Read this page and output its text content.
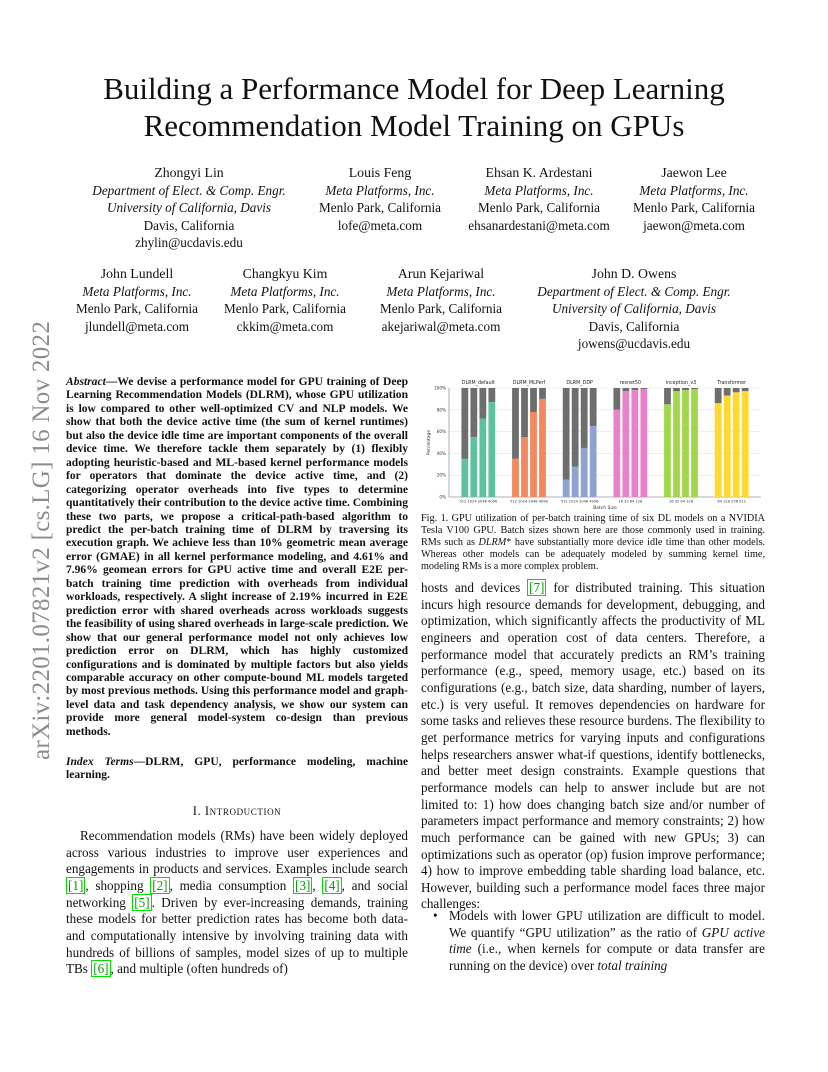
arXiv:2201.07821v2 [cs.LG] 16 Nov 2022
Building a Performance Model for Deep Learning
Recommendation Model Training on GPUs
Zhongyi Lin
Department of Elect. & Comp. Engr.
University of California, Davis
Davis, California
zhylin@ucdavis.edu
Louis Feng
Meta Platforms, Inc.
Menlo Park, California
lofe@meta.com
Ehsan K. Ardestani
Meta Platforms, Inc.
Menlo Park, California
ehsanardestani@meta.com
Jaewon Lee
Meta Platforms, Inc.
Menlo Park, California
jaewon@meta.com
John Lundell
Meta Platforms, Inc.
Menlo Park, California
jlundell@meta.com
Changkyu Kim
Meta Platforms, Inc.
Menlo Park, California
ckkim@meta.com
Arun Kejariwal
Meta Platforms, Inc.
Menlo Park, California
akejariwal@meta.com
John D. Owens
Department of Elect. & Comp. Engr.
University of California, Davis
Davis, California
jowens@ucdavis.edu
Abstract—We devise a performance model for GPU training of Deep Learning Recommendation Models (DLRM), whose GPU utilization is low compared to other well-optimized CV and NLP models. We show that both the device active time (the sum of kernel runtimes) but also the device idle time are important components of the overall device time. We therefore tackle them separately by (1) flexibly adopting heuristic-based and ML-based kernel performance models for operators that dominate the device active time, and (2) categorizing operator overheads into five types to determine quantitatively their contribution to the device active time. Combining these two parts, we propose a critical-path-based algorithm to predict the per-batch training time of DLRM by traversing its execution graph. We achieve less than 10% geometric mean average error (GMAE) in all kernel performance modeling, and 4.61% and 7.96% geomean errors for GPU active time and overall E2E per-batch training time prediction with overheads from individual workloads, respectively. A slight increase of 2.19% incurred in E2E prediction error with shared overheads across workloads suggests the feasibility of using shared overheads in large-scale prediction. We show that our general performance model not only achieves low prediction error on DLRM, which has highly customized configurations and is dominated by multiple factors but also yields comparable accuracy on other compute-bound ML models targeted by most previous methods. Using this performance model and graph-level data and task dependency analysis, we show our system can provide more general model-system co-design than previous methods.
Index Terms—DLRM, GPU, performance modeling, machine learning.
I. Introduction
Recommendation models (RMs) have been widely deployed across various industries to improve user experiences and engagements in products and services. Examples include search [1] , shopping [2] , media consumption [3] , [4] , and social networking [5] . Driven by ever-increasing demands, training these models for better prediction rates has become both data- and computationally intensive by involving training data with hundreds of billions of samples, model sizes of up to multiple TBs [6] , and multiple (often hundreds of)
0%
20%
40%
60%
80%
100%
Percentage
DLRM_default
512 1024 2048 4096
DLRM_MLPerf
512 1024 2048 4096
DLRM_DDP
512 1024 2048 4096
resnet50
16 32 64 128
inception_v3
16 32 64 128
Transformer
64 128 256 512
Batch Size
Fig. 1. GPU utilization of per-batch training time of six DL models on a NVIDIA Tesla V100 GPU. Batch sizes shown here are those commonly used in training. RMs such as DLRM* have substantially more device idle time than other models. Whereas other models can be adequately modeled by summing kernel time, modeling RMs is a more complex problem.
hosts and devices [7] for distributed training. This situation incurs high resource demands for development, debugging, and optimization, which significantly affects the productivity of ML engineers and operation cost of data centers. Therefore, a performance model that accurately predicts an RM’s training performance (e.g., speed, memory usage, etc.) based on its configurations (e.g., batch size, data sharding, number of layers, etc.) is very useful. It removes dependencies on hardware for some tasks and relieves these resource burdens. The flexibility to get performance metrics for varying inputs and configurations helps researchers answer what-if questions, identify bottlenecks, and better meet design constraints. Example questions that performance models can help to answer include but are not limited to: 1) how does changing batch size and/or number of parameters impact performance and memory constraints; 2) how much performance can be gained with new GPUs; 3) can optimizations such as operator (op) fusion improve performance; 4) how to improve embedding table sharding load balance, etc. However, building such a performance model faces three major challenges:
• Models with lower GPU utilization are difficult to model. We quantify “GPU utilization” as the ratio of GPU active time (i.e., when kernels for compute or data transfer are running on the device) over total training
